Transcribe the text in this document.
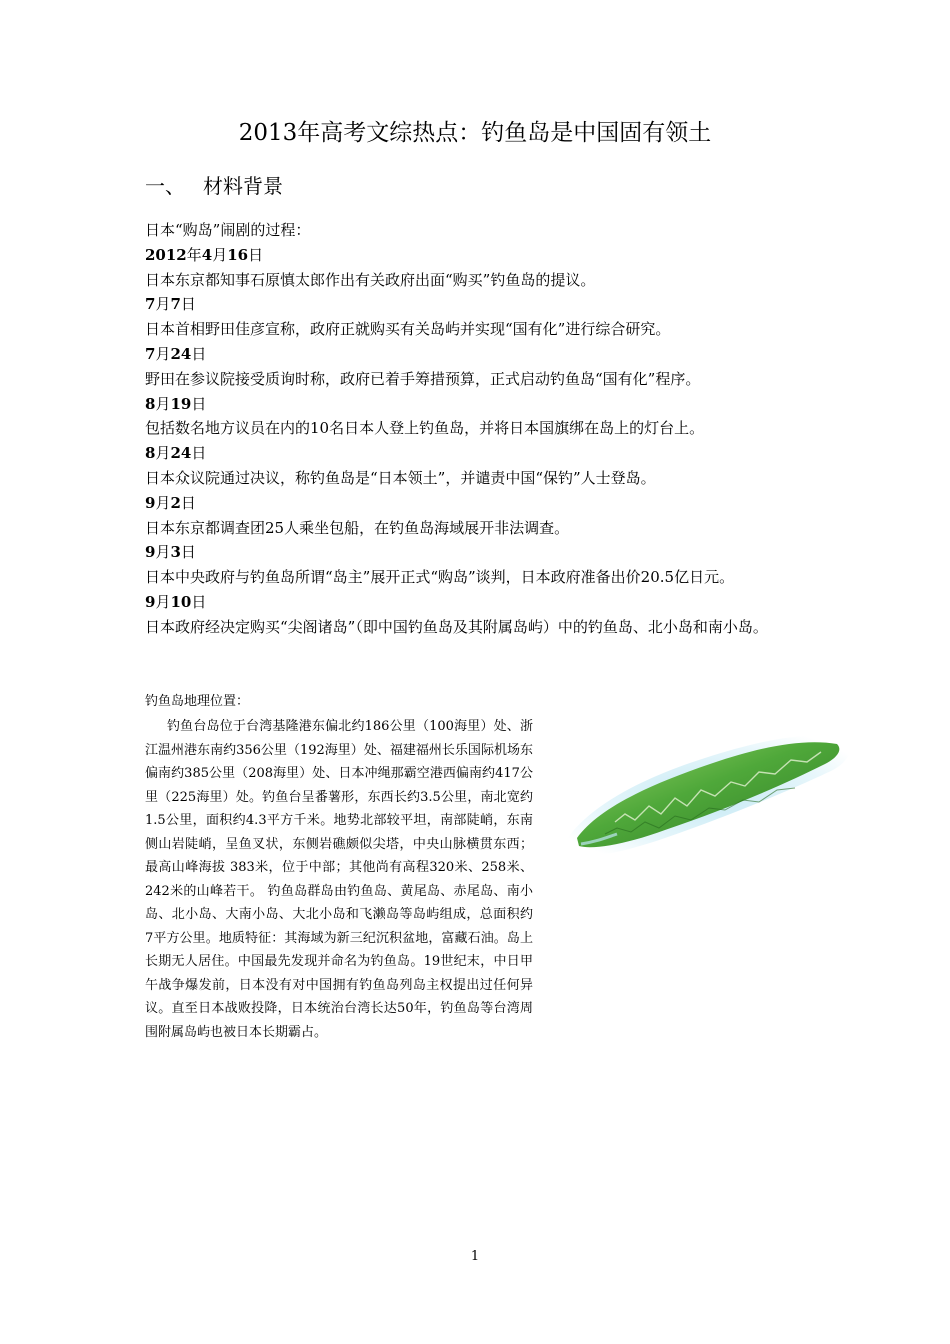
2013年高考文综热点：钓鱼岛是中国固有领土
一、 材料背景
日本“购岛”闹剧的过程：
2012年4月16日
日本东京都知事石原慎太郎作出有关政府出面“购买”钓鱼岛的提议。
7月7日
日本首相野田佳彦宣称，政府正就购买有关岛屿并实现“国有化”进行综合研究。
7月24日
野田在参议院接受质询时称，政府已着手筹措预算，正式启动钓鱼岛“国有化”程序。
8月19日
包括数名地方议员在内的10名日本人登上钓鱼岛，并将日本国旗绑在岛上的灯台上。
8月24日
日本众议院通过决议，称钓鱼岛是“日本领土”，并谴责中国“保钓”人士登岛。
9月2日
日本东京都调查团25人乘坐包船，在钓鱼岛海域展开非法调查。
9月3日
日本中央政府与钓鱼岛所谓“岛主”展开正式“购岛”谈判，日本政府准备出价20.5亿日元。
9月10日
日本政府经决定购买“尖阁诸岛”（即中国钓鱼岛及其附属岛屿）中的钓鱼岛、北小岛和南小岛。
钓鱼岛地理位置：
钓鱼台岛位于台湾基隆港东偏北约186公里（100海里）处、浙江温州港东南约356公里（192海里）处、福建福州长乐国际机场东偏南约385公里（208海里）处、日本冲绳那霸空港西偏南约417公里（225海里）处。钓鱼台呈番薯形，东西长约3.5公里，南北宽约1.5公里，面积约4.3平方千米。地势北部较平坦，南部陡峭，东南侧山岩陡峭，呈鱼叉状，东侧岩礁颇似尖塔，中央山脉横贯东西；最高山峰海拔 383米，位于中部；其他尚有高程320米、258米、242米的山峰若干。 钓鱼岛群岛由钓鱼岛、黄尾岛、赤尾岛、南小岛、北小岛、大南小岛、大北小岛和飞濑岛等岛屿组成，总面积约 7平方公里。地质特征：其海域为新三纪沉积盆地，富藏石油。岛上长期无人居住。中国最先发现并命名为钓鱼岛。19世纪末，中日甲午战争爆发前，日本没有对中国拥有钓鱼岛列岛主权提出过任何异议。直至日本战败投降，日本统治台湾长达50年，钓鱼岛等台湾周围附属岛屿也被日本长期霸占。
1
